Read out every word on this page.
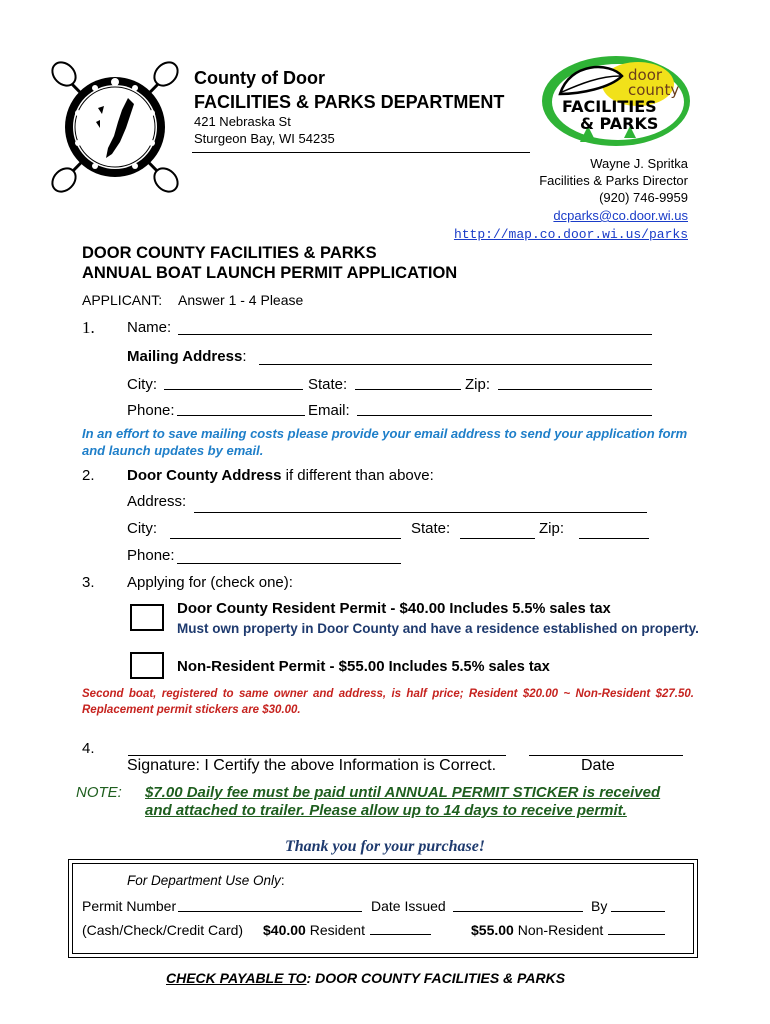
County of Door
FACILITIES & PARKS DEPARTMENT
421 Nebraska St
Sturgeon Bay, WI 54235
door
county
FACILITIES
& PARKS
Wayne J. Spritka
Facilities & Parks Director
(920) 746-9959
dcparks@co.door.wi.us
http://map.co.door.wi.us/parks
DOOR COUNTY FACILITIES & PARKS
ANNUAL BOAT LAUNCH PERMIT APPLICATION
APPLICANT: Answer 1 - 4 Please
1. Name:
Mailing Address:
City:	State:	Zip:
Phone:	Email:
In an effort to save mailing costs please provide your email address to send your application form and launch updates by email.
2. Door County Address if different than above:
Address:
City:	State:	Zip:
Phone:
3. Applying for (check one):
Door County Resident Permit - $40.00 Includes 5.5% sales tax
Must own property in Door County and have a residence established on property.
Non-Resident Permit - $55.00 Includes 5.5% sales tax
Second boat, registered to same owner and address, is half price; Resident $20.00 ~ Non-Resident $27.50. Replacement permit stickers are $30.00.
4.
Signature: I Certify the above Information is Correct.	Date
NOTE: $7.00 Daily fee must be paid until ANNUAL PERMIT STICKER is received
and attached to trailer. Please allow up to 14 days to receive permit.
Thank you for your purchase!
For Department Use Only:
Permit Number	Date Issued	By
(Cash/Check/Credit Card) $40.00 Resident	$55.00 Non-Resident
CHECK PAYABLE TO: DOOR COUNTY FACILITIES & PARKS
